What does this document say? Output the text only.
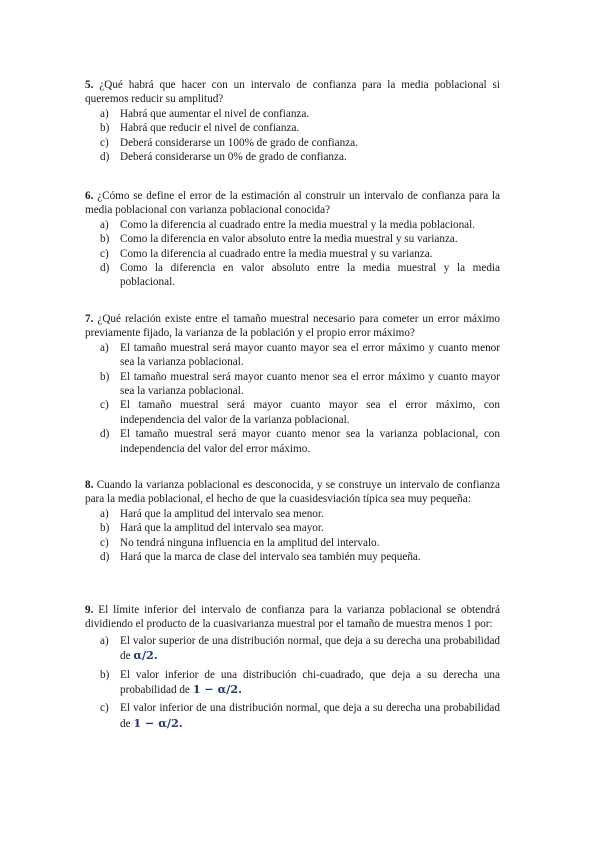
5. ¿Qué habrá que hacer con un intervalo de confianza para la media poblacional si queremos reducir su amplitud?
a) Habrá que aumentar el nivel de confianza.
b) Habrá que reducir el nivel de confianza.
c) Deberá considerarse un 100% de grado de confianza.
d) Deberá considerarse un 0% de grado de confianza.
6. ¿Cómo se define el error de la estimación al construir un intervalo de confianza para la media poblacional con varianza poblacional conocida?
a) Como la diferencia al cuadrado entre la media muestral y la media poblacional.
b) Como la diferencia en valor absoluto entre la media muestral y su varianza.
c) Como la diferencia al cuadrado entre la media muestral y su varianza.
d) Como la diferencia en valor absoluto entre la media muestral y la media poblacional.
7. ¿Qué relación existe entre el tamaño muestral necesario para cometer un error máximo previamente fijado, la varianza de la población y el propio error máximo?
a) El tamaño muestral será mayor cuanto mayor sea el error máximo y cuanto menor sea la varianza poblacional.
b) El tamaño muestral será mayor cuanto menor sea el error máximo y cuanto mayor sea la varianza poblacional.
c) El tamaño muestral será mayor cuanto mayor sea el error máximo, con independencia del valor de la varianza poblacional.
d) El tamaño muestral será mayor cuanto menor sea la varianza poblacional, con independencia del valor del error máximo.
8. Cuando la varianza poblacional es desconocida, y se construye un intervalo de confianza para la media poblacional, el hecho de que la cuasidesviación típica sea muy pequeña:
a) Hará que la amplitud del intervalo sea menor.
b) Hará que la amplitud del intervalo sea mayor.
c) No tendrá ninguna influencia en la amplitud del intervalo.
d) Hará que la marca de clase del intervalo sea también muy pequeña.
9. El límite inferior del intervalo de confianza para la varianza poblacional se obtendrá dividiendo el producto de la cuasivarianza muestral por el tamaño de muestra menos 1 por:
a) El valor superior de una distribución normal, que deja a su derecha una probabilidad de α/2.
b) El valor inferior de una distribución chi-cuadrado, que deja a su derecha una probabilidad de 1 − α/2.
c) El valor inferior de una distribución normal, que deja a su derecha una probabilidad de 1 − α/2.
